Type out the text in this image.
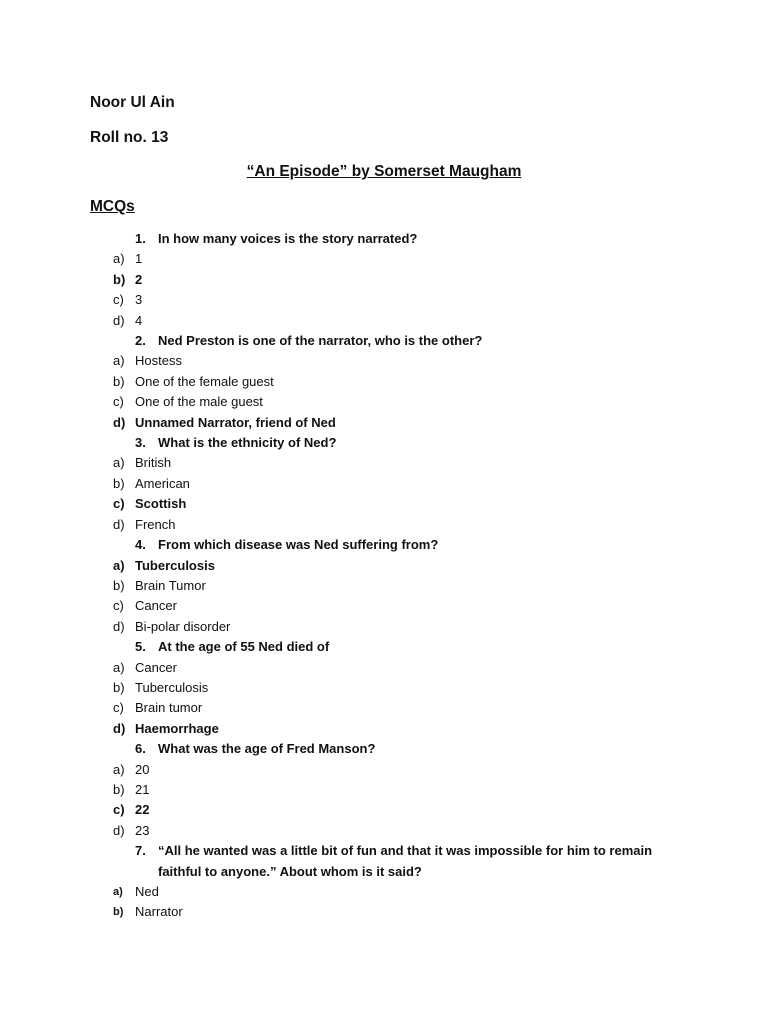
Noor Ul Ain
Roll no. 13
“An Episode” by Somerset Maugham
MCQs
1. In how many voices is the story narrated?
a) 1
b) 2
c) 3
d) 4
2. Ned Preston is one of the narrator, who is the other?
a) Hostess
b) One of the female guest
c) One of the male guest
d) Unnamed Narrator, friend of Ned
3. What is the ethnicity of Ned?
a) British
b) American
c) Scottish
d) French
4. From which disease was Ned suffering from?
a) Tuberculosis
b) Brain Tumor
c) Cancer
d) Bi-polar disorder
5. At the age of 55 Ned died of
a) Cancer
b) Tuberculosis
c) Brain tumor
d) Haemorrhage
6. What was the age of Fred Manson?
a) 20
b) 21
c) 22
d) 23
7. “All he wanted was a little bit of fun and that it was impossible for him to remain faithful to anyone.” About whom is it said?
a) Ned
b) Narrator
